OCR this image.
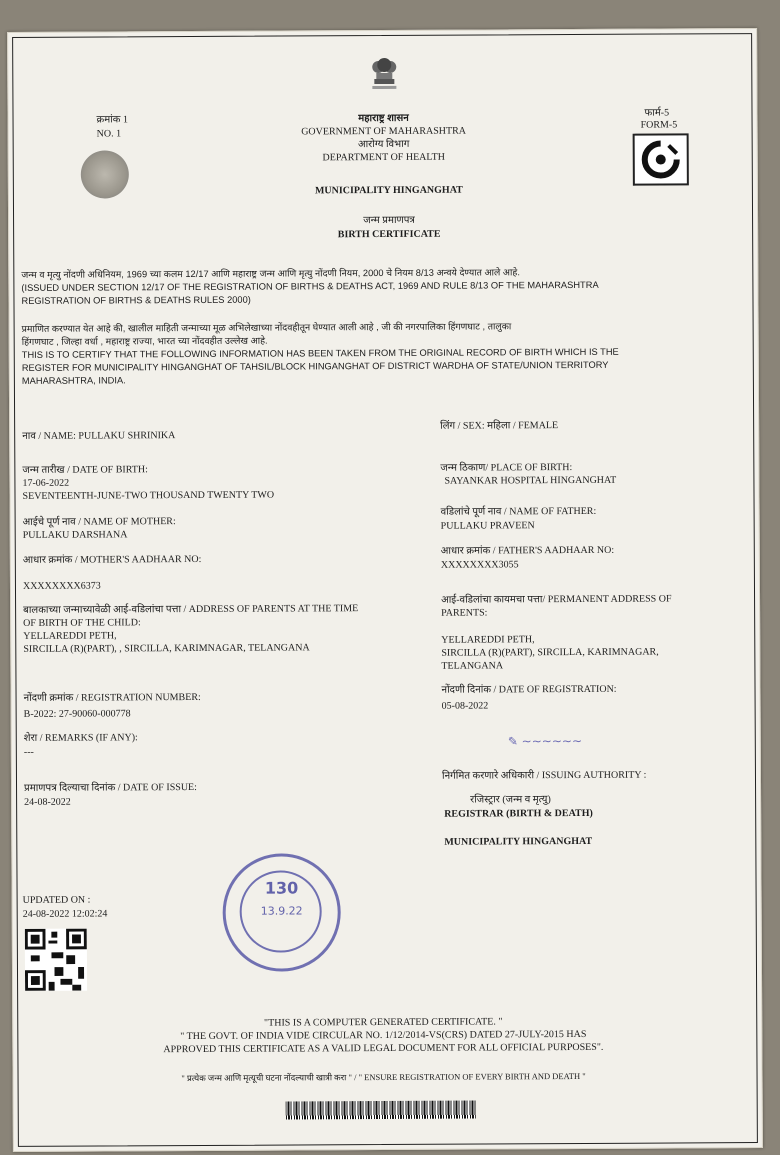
क्रमांक 1
NO. 1
फार्म-5
FORM-5
महाराष्ट्र शासन
GOVERNMENT OF MAHARASHTRA
आरोग्य विभाग
DEPARTMENT OF HEALTH
MUNICIPALITY HINGANGHAT
जन्म प्रमाणपत्र
BIRTH CERTIFICATE
जन्म व मृत्यु नोंदणी अधिनियम, 1969 च्या कलम 12/17 आणि महाराष्ट्र जन्म आणि मृत्यु नोंदणी नियम, 2000 चे नियम 8/13 अन्वये देण्यात आले आहे.
(ISSUED UNDER SECTION 12/17 OF THE REGISTRATION OF BIRTHS & DEATHS ACT, 1969 AND RULE 8/13 OF THE MAHARASHTRA
REGISTRATION OF BIRTHS & DEATHS RULES 2000)
प्रमाणित करण्यात येत आहे की, खालील माहिती जन्माच्या मूळ अभिलेखाच्या नोंदवहीतून घेण्यात आली आहे , जी की नगरपालिका हिंगणघाट , तालुका
हिंगणघाट , जिल्हा वर्धा , महाराष्ट्र राज्या, भारत च्या नोंदवहीत उल्लेख आहे.
THIS IS TO CERTIFY THAT THE FOLLOWING INFORMATION HAS BEEN TAKEN FROM THE ORIGINAL RECORD OF BIRTH WHICH IS THE
REGISTER FOR MUNICIPALITY HINGANGHAT OF TAHSIL/BLOCK HINGANGHAT OF DISTRICT WARDHA OF STATE/UNION TERRITORY
MAHARASHTRA, INDIA.
नाव / NAME: PULLAKU SHRINIKA
जन्म तारीख / DATE OF BIRTH:
17-06-2022
SEVENTEENTH-JUNE-TWO THOUSAND TWENTY TWO
आईचे पूर्ण नाव / NAME OF MOTHER:
PULLAKU DARSHANA
आधार क्रमांक / MOTHER'S AADHAAR NO:
XXXXXXXX6373
बालकाच्या जन्माच्यावेळी आई-वडिलांचा पत्ता / ADDRESS OF PARENTS AT THE TIME
OF BIRTH OF THE CHILD:
YELLAREDDI PETH,
SIRCILLA (R)(PART), , SIRCILLA, KARIMNAGAR, TELANGANA
नोंदणी क्रमांक / REGISTRATION NUMBER:
B-2022: 27-90060-000778
शेरा / REMARKS (IF ANY):
---
प्रमाणपत्र दिल्याचा दिनांक / DATE OF ISSUE:
24-08-2022
लिंग / SEX: महिला / FEMALE
जन्म ठिकाण/ PLACE OF BIRTH:
SAYANKAR HOSPITAL HINGANGHAT
वडिलांचे पूर्ण नाव / NAME OF FATHER:
PULLAKU PRAVEEN
आधार क्रमांक / FATHER'S AADHAAR NO:
XXXXXXXX3055
आई-वडिलांचा कायमचा पत्ता/ PERMANENT ADDRESS OF
PARENTS:
YELLAREDDI PETH,
SIRCILLA (R)(PART), SIRCILLA, KARIMNAGAR,
TELANGANA
नोंदणी दिनांक / DATE OF REGISTRATION:
05-08-2022
✎ ~~~~~~
निर्गमित करणारे अधिकारी / ISSUING AUTHORITY :
रजिस्ट्रार (जन्म व मृत्यु)
REGISTRAR (BIRTH & DEATH)
MUNICIPALITY HINGANGHAT
130
13.9.22
UPDATED ON :
24-08-2022 12:02:24
"THIS IS A COMPUTER GENERATED CERTIFICATE. "
" THE GOVT. OF INDIA VIDE CIRCULAR NO. 1/12/2014-VS(CRS) DATED 27-JULY-2015 HAS
APPROVED THIS CERTIFICATE AS A VALID LEGAL DOCUMENT FOR ALL OFFICIAL PURPOSES".
" प्रत्येक जन्म आणि मृत्यूची घटना नोंदल्याची खात्री करा " / " ENSURE REGISTRATION OF EVERY BIRTH AND DEATH "
